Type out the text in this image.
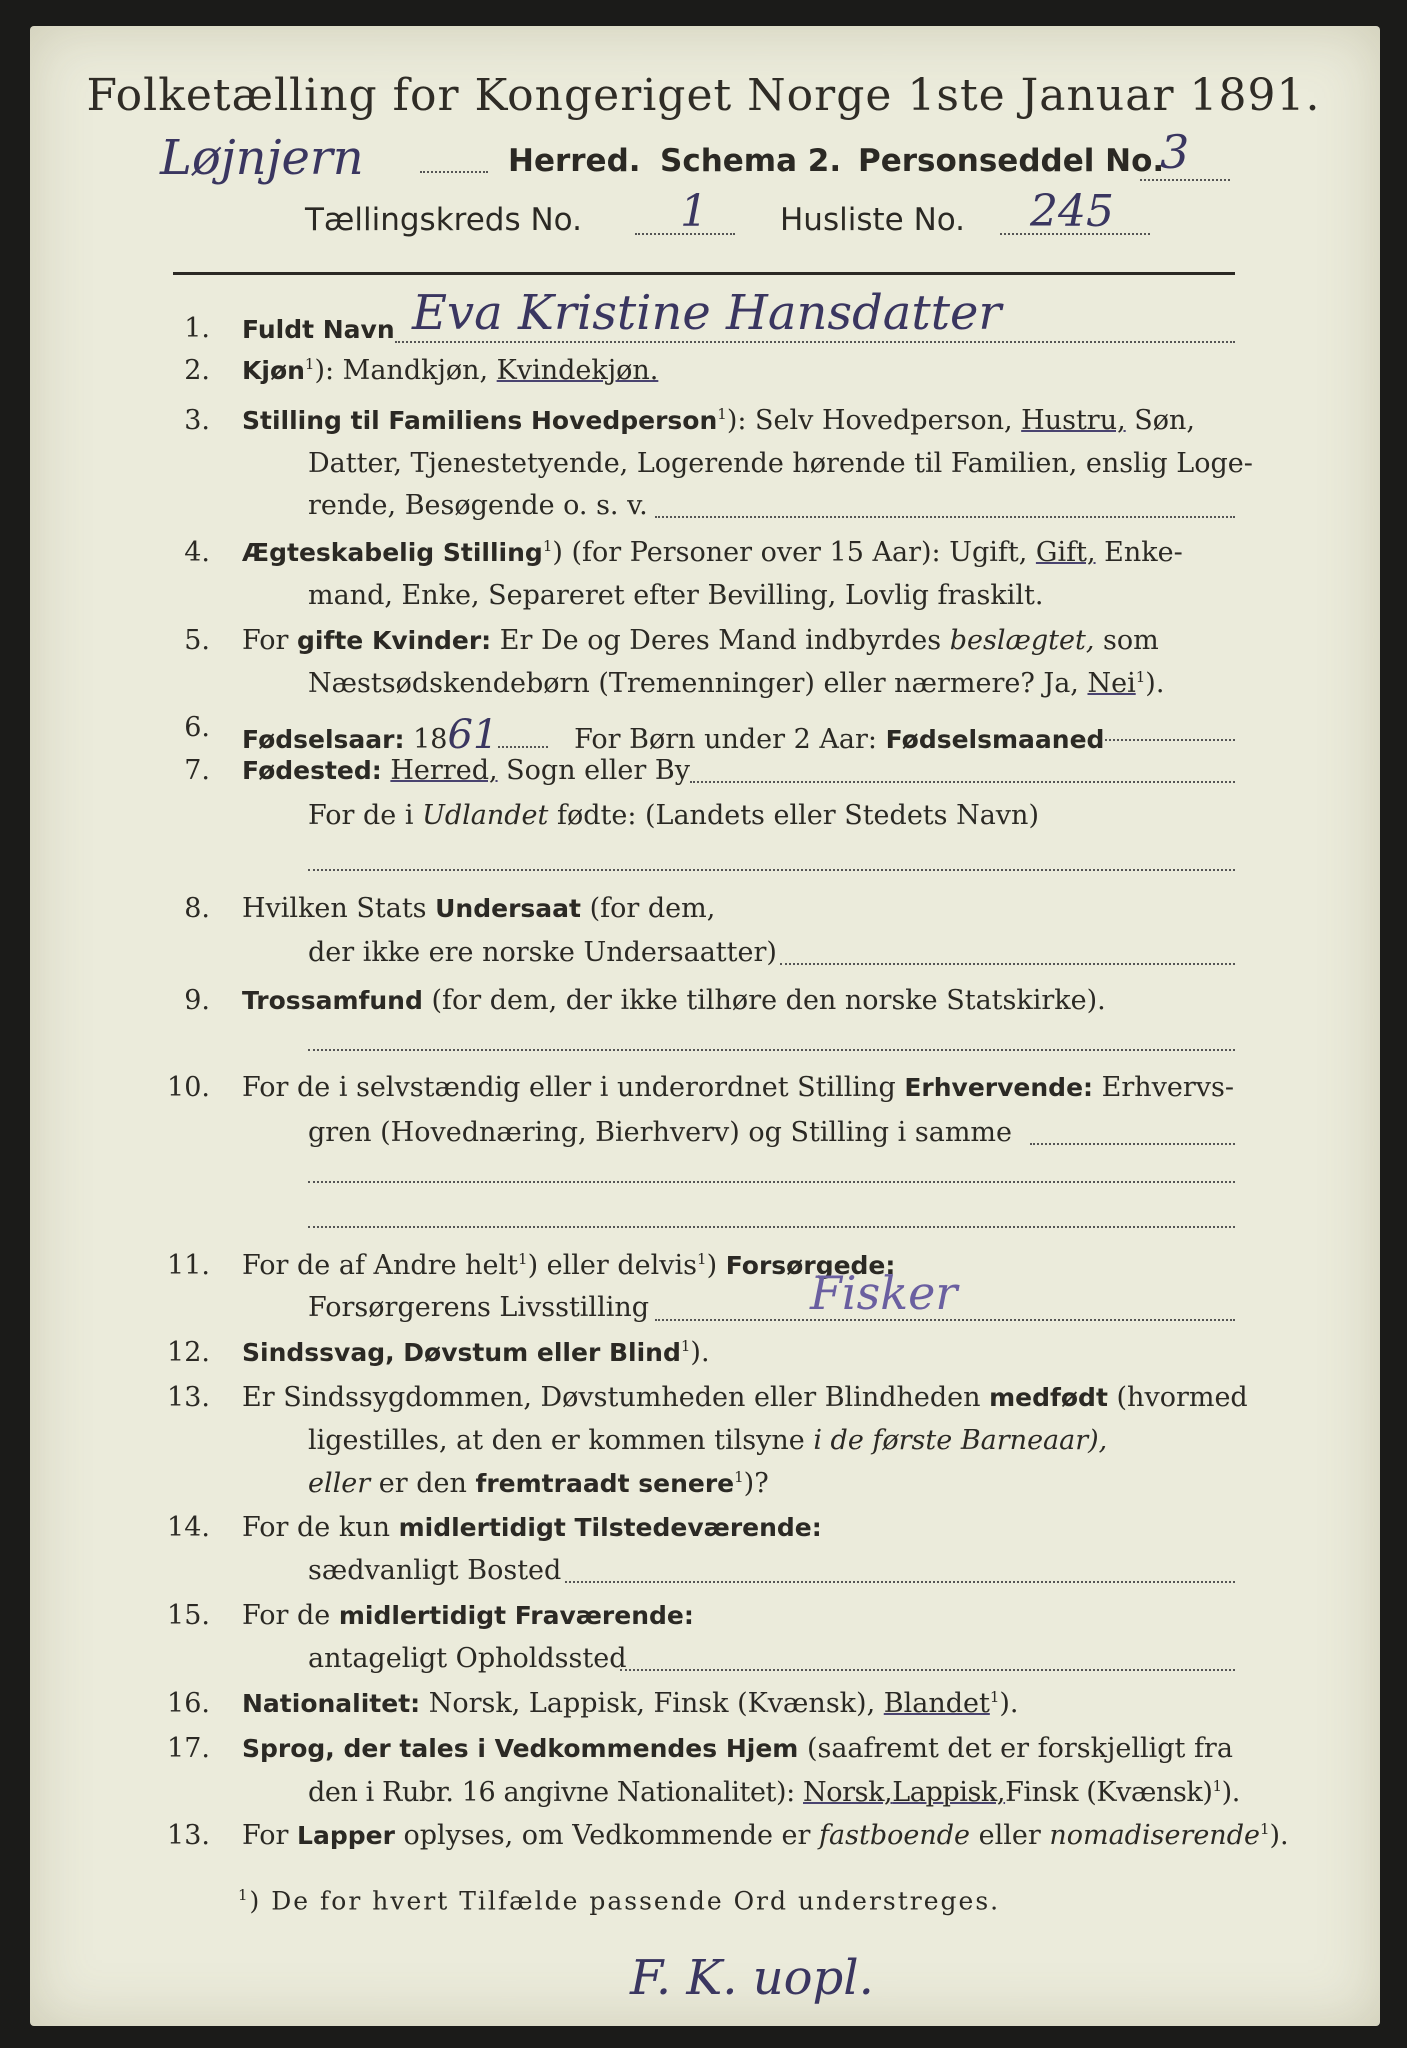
Folketælling for Kongeriget Norge 1ste Januar 1891.
Løjnjern	Herred. Schema 2. Personseddel No.
3
Tællingskreds No. 1 Husliste No. 245
1. Fuldt Navn Eva Kristine Hansdatter
2. Kjøn$^1$): Mandkjøn, Kvindekjøn.
3. Stilling til Familiens Hovedperson$^1$): Selv Hovedperson, Hustru, Søn,
Datter, Tjenestetyende, Logerende hørende til Familien, enslig Loge-
rende, Besøgende o. s. v.
4. Ægteskabelig Stilling$^1$) (for Personer over 15 Aar): Ugift, Gift, Enke-
mand, Enke, Separeret efter Bevilling, Lovlig fraskilt.
5. For gifte Kvinder: Er De og Deres Mand indbyrdes beslægtet, som
Næstsødskendebørn (Tremenninger) eller nærmere? Ja, Nei$^1$).
6. Fødselsaar: 1861	For Børn under 2 Aar: Fødselsmaaned
7. Fødested: Herred, Sogn eller By
For de i Udlandet fødte: (Landets eller Stedets Navn)
8. Hvilken Stats Undersaat (for dem,
der ikke ere norske Undersaatter)
9. Trossamfund (for dem, der ikke tilhøre den norske Statskirke).
10. For de i selvstændig eller i underordnet Stilling Erhvervende: Erhvervs-
gren (Hovednæring, Bierhverv) og Stilling i samme
11. For de af Andre helt$^1$) eller delvis$^1$) Forsørgede:
Forsørgerens Livsstilling	Fisker
12. Sindssvag, Døvstum eller Blind$^1$).
13. Er Sindssygdommen, Døvstumheden eller Blindheden medfødt (hvormed
ligestilles, at den er kommen tilsyne i de første Barneaar),
eller er den fremtraadt senere$^1$)?
14. For de kun midlertidigt Tilstedeværende:
sædvanligt Bosted
15. For de midlertidigt Fraværende:
antageligt Opholdssted
16. Nationalitet: Norsk, Lappisk, Finsk (Kvænsk), Blandet$^1$).
17. Sprog, der tales i Vedkommendes Hjem (saafremt det er forskjelligt fra
den i Rubr. 16 angivne Nationalitet): Norsk,Lappisk,Finsk (Kvænsk)$^1$).
13. For Lapper oplyses, om Vedkommende er fastboende eller nomadiserende$^1$).
$^1$) De for hvert Tilfælde passende Ord understreges.
F. K. uopl.
